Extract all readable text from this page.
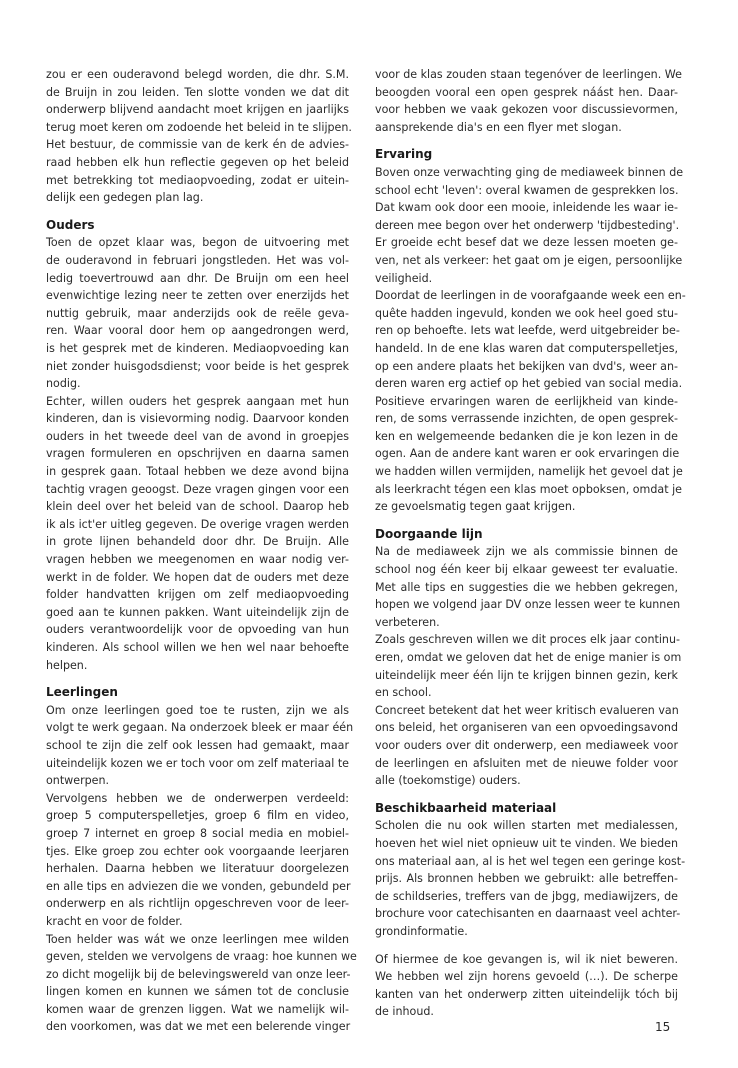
zou er een ouderavond belegd worden, die dhr. S.M.
de Bruijn in zou leiden. Ten slotte vonden we dat dit
onderwerp blijvend aandacht moet krijgen en jaarlijks
terug moet keren om zodoende het beleid in te slijpen.
Het bestuur, de commissie van de kerk én de advies-
raad hebben elk hun reflectie gegeven op het beleid
met betrekking tot mediaopvoeding, zodat er uitein-
delijk een gedegen plan lag.
Ouders
Toen de opzet klaar was, begon de uitvoering met
de ouderavond in februari jongstleden. Het was vol-
ledig toevertrouwd aan dhr. De Bruijn om een heel
evenwichtige lezing neer te zetten over enerzijds het
nuttig gebruik, maar anderzijds ook de reële geva-
ren. Waar vooral door hem op aangedrongen werd,
is het gesprek met de kinderen. Mediaopvoeding kan
niet zonder huisgodsdienst; voor beide is het gesprek
nodig.
Echter, willen ouders het gesprek aangaan met hun
kinderen, dan is visievorming nodig. Daarvoor konden
ouders in het tweede deel van de avond in groepjes
vragen formuleren en opschrijven en daarna samen
in gesprek gaan. Totaal hebben we deze avond bijna
tachtig vragen geoogst. Deze vragen gingen voor een
klein deel over het beleid van de school. Daarop heb
ik als ict'er uitleg gegeven. De overige vragen werden
in grote lijnen behandeld door dhr. De Bruijn. Alle
vragen hebben we meegenomen en waar nodig ver-
werkt in de folder. We hopen dat de ouders met deze
folder handvatten krijgen om zelf mediaopvoeding
goed aan te kunnen pakken. Want uiteindelijk zijn de
ouders verantwoordelijk voor de opvoeding van hun
kinderen. Als school willen we hen wel naar behoefte
helpen.
Leerlingen
Om onze leerlingen goed toe te rusten, zijn we als
volgt te werk gegaan. Na onderzoek bleek er maar één
school te zijn die zelf ook lessen had gemaakt, maar
uiteindelijk kozen we er toch voor om zelf materiaal te
ontwerpen.
Vervolgens hebben we de onderwerpen verdeeld:
groep 5 computerspelletjes, groep 6 film en video,
groep 7 internet en groep 8 social media en mobiel-
tjes. Elke groep zou echter ook voorgaande leerjaren
herhalen. Daarna hebben we literatuur doorgelezen
en alle tips en adviezen die we vonden, gebundeld per
onderwerp en als richtlijn opgeschreven voor de leer-
kracht en voor de folder.
Toen helder was wát we onze leerlingen mee wilden
geven, stelden we vervolgens de vraag: hoe kunnen we
zo dicht mogelijk bij de belevingswereld van onze leer-
lingen komen en kunnen we sámen tot de conclusie
komen waar de grenzen liggen. Wat we namelijk wil-
den voorkomen, was dat we met een belerende vinger
voor de klas zouden staan tegenóver de leerlingen. We
beoogden vooral een open gesprek náást hen. Daar-
voor hebben we vaak gekozen voor discussievormen,
aansprekende dia's en een flyer met slogan.
Ervaring
Boven onze verwachting ging de mediaweek binnen de
school echt 'leven': overal kwamen de gesprekken los.
Dat kwam ook door een mooie, inleidende les waar ie-
dereen mee begon over het onderwerp 'tijdbesteding'.
Er groeide echt besef dat we deze lessen moeten ge-
ven, net als verkeer: het gaat om je eigen, persoonlijke
veiligheid.
Doordat de leerlingen in de voorafgaande week een en-
quête hadden ingevuld, konden we ook heel goed stu-
ren op behoefte. Iets wat leefde, werd uitgebreider be-
handeld. In de ene klas waren dat computerspelletjes,
op een andere plaats het bekijken van dvd's, weer an-
deren waren erg actief op het gebied van social media.
Positieve ervaringen waren de eerlijkheid van kinde-
ren, de soms verrassende inzichten, de open gesprek-
ken en welgemeende bedanken die je kon lezen in de
ogen. Aan de andere kant waren er ook ervaringen die
we hadden willen vermijden, namelijk het gevoel dat je
als leerkracht tégen een klas moet opboksen, omdat je
ze gevoelsmatig tegen gaat krijgen.
Doorgaande lijn
Na de mediaweek zijn we als commissie binnen de
school nog één keer bij elkaar geweest ter evaluatie.
Met alle tips en suggesties die we hebben gekregen,
hopen we volgend jaar DV onze lessen weer te kunnen
verbeteren.
Zoals geschreven willen we dit proces elk jaar continu-
eren, omdat we geloven dat het de enige manier is om
uiteindelijk meer één lijn te krijgen binnen gezin, kerk
en school.
Concreet betekent dat het weer kritisch evalueren van
ons beleid, het organiseren van een opvoedingsavond
voor ouders over dit onderwerp, een mediaweek voor
de leerlingen en afsluiten met de nieuwe folder voor
alle (toekomstige) ouders.
Beschikbaarheid materiaal
Scholen die nu ook willen starten met medialessen,
hoeven het wiel niet opnieuw uit te vinden. We bieden
ons materiaal aan, al is het wel tegen een geringe kost-
prijs. Als bronnen hebben we gebruikt: alle betreffen-
de schildseries, treffers van de jbgg, mediawijzers, de
brochure voor catechisanten en daarnaast veel achter-
grondinformatie.
Of hiermee de koe gevangen is, wil ik niet beweren.
We hebben wel zijn horens gevoeld (…). De scherpe
kanten van het onderwerp zitten uiteindelijk tóch bij
de inhoud.
15
